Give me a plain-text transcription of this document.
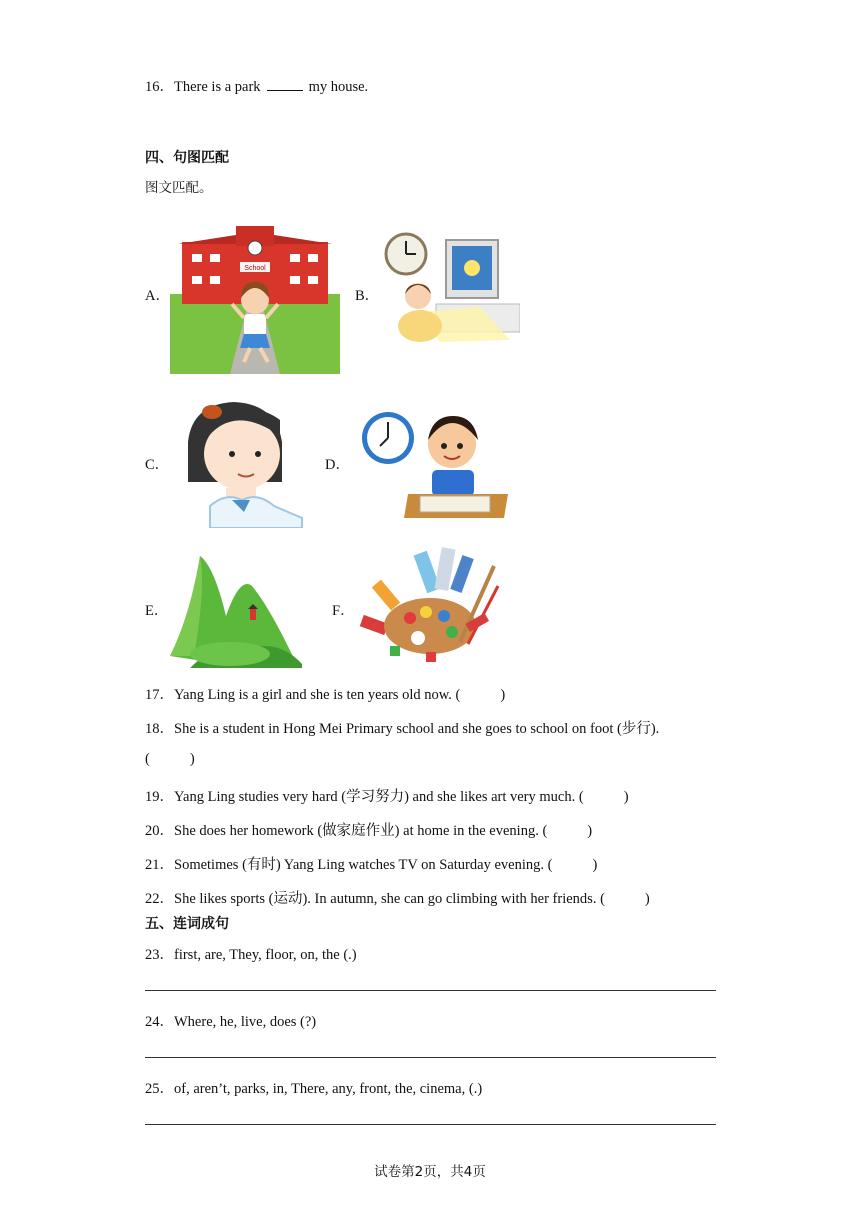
16．There is a park	my house.
四、句图匹配
图文匹配。
A．
School
B．
C．	D．
E．	F．
17．Yang Ling is a girl and she is ten years old now. (	)
18．She is a student in Hong Mei Primary school and she goes to school on foot (步行).
(	)
19．Yang Ling studies very hard (学习努力) and she likes art very much. (	)
20．She does her homework (做家庭作业) at home in the evening. (	)
21．Sometimes (有时) Yang Ling watches TV on Saturday evening. (	)
22．She likes sports (运动). In autumn, she can go climbing with her friends. (	)
五、连词成句
23．first, are, They, floor, on, the (.)
24．Where, he, live, does (?)
25．of, aren’t, parks, in, There, any, front, the, cinema, (.)
试卷第2页，共4页
